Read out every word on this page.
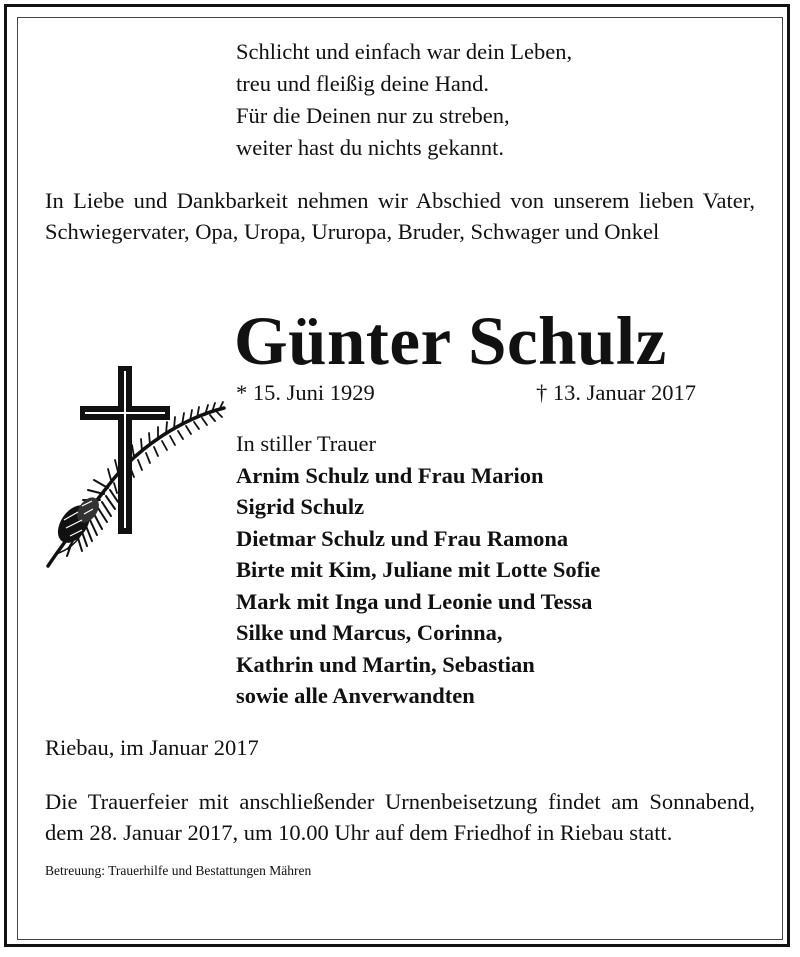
Schlicht und einfach war dein Leben,
treu und fleißig deine Hand.
Für die Deinen nur zu streben,
weiter hast du nichts gekannt.
In Liebe und Dankbarkeit nehmen wir Abschied von unserem lieben Vater, Schwiegervater, Opa, Uropa, Ururopa, Bruder, Schwager und Onkel
Günter Schulz
* 15. Juni 1929	† 13. Januar 2017
In stiller Trauer
Arnim Schulz und Frau Marion
Sigrid Schulz
Dietmar Schulz und Frau Ramona
Birte mit Kim, Juliane mit Lotte Sofie
Mark mit Inga und Leonie und Tessa
Silke und Marcus, Corinna,
Kathrin und Martin, Sebastian
sowie alle Anverwandten
Riebau, im Januar 2017
Die Trauerfeier mit anschließender Urnenbeisetzung findet am Sonnabend, dem 28. Januar 2017, um 10.00 Uhr auf dem Friedhof in Riebau statt.
Betreuung: Trauerhilfe und Bestattungen Mähren
